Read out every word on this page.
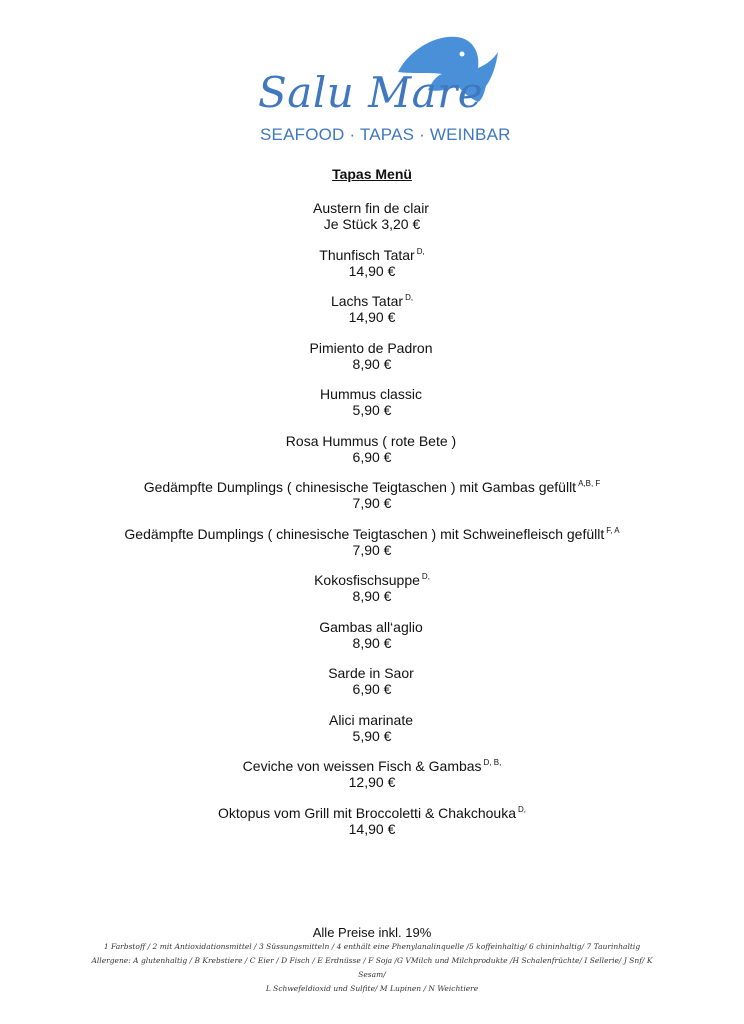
Salu Mare
SEAFOOD · TAPAS · WEINBAR
Tapas Menü
Austern fin de clair
Je Stück 3,20 €
Thunfisch Tatar $^{D,}$
14,90 €
Lachs Tatar $^{D,}$
14,90 €
Pimiento de Padron
8,90 €
Hummus classic
5,90 €
Rosa Hummus ( rote Bete )
6,90 €
Gedämpfte Dumplings ( chinesische Teigtaschen ) mit Gambas gefüllt $^{A,B, F}$
7,90 €
Gedämpfte Dumplings ( chinesische Teigtaschen ) mit Schweinefleisch gefüllt $^{F, A}$
7,90 €
Kokosfischsuppe $^{D,}$
8,90 €
Gambas all‘aglio
8,90 €
Sarde in Saor
6,90 €
Alici marinate
5,90 €
Ceviche von weissen Fisch & Gambas $^{D, B,}$
12,90 €
Oktopus vom Grill mit Broccoletti & Chakchouka $^{D,}$
14,90 €
Alle Preise inkl. 19%
1 Farbstoff / 2 mit Antioxidationsmittel / 3 Süssungsmitteln / 4 enthält eine Phenylanalinquelle /5 koffeinhaltig/ 6 chininhaltig/ 7 Taurinhaltig
Allergene: A glutenhaltig / B Krebstiere / C Eier / D Fisch / E Erdnüsse / F Soja /G VMilch und Milchprodukte /H Schalenfrüchte/ I Sellerie/ J Snf/ K
Sesam/
L Schwefeldioxid und Sulfite/ M Lupinen / N Weichtiere
